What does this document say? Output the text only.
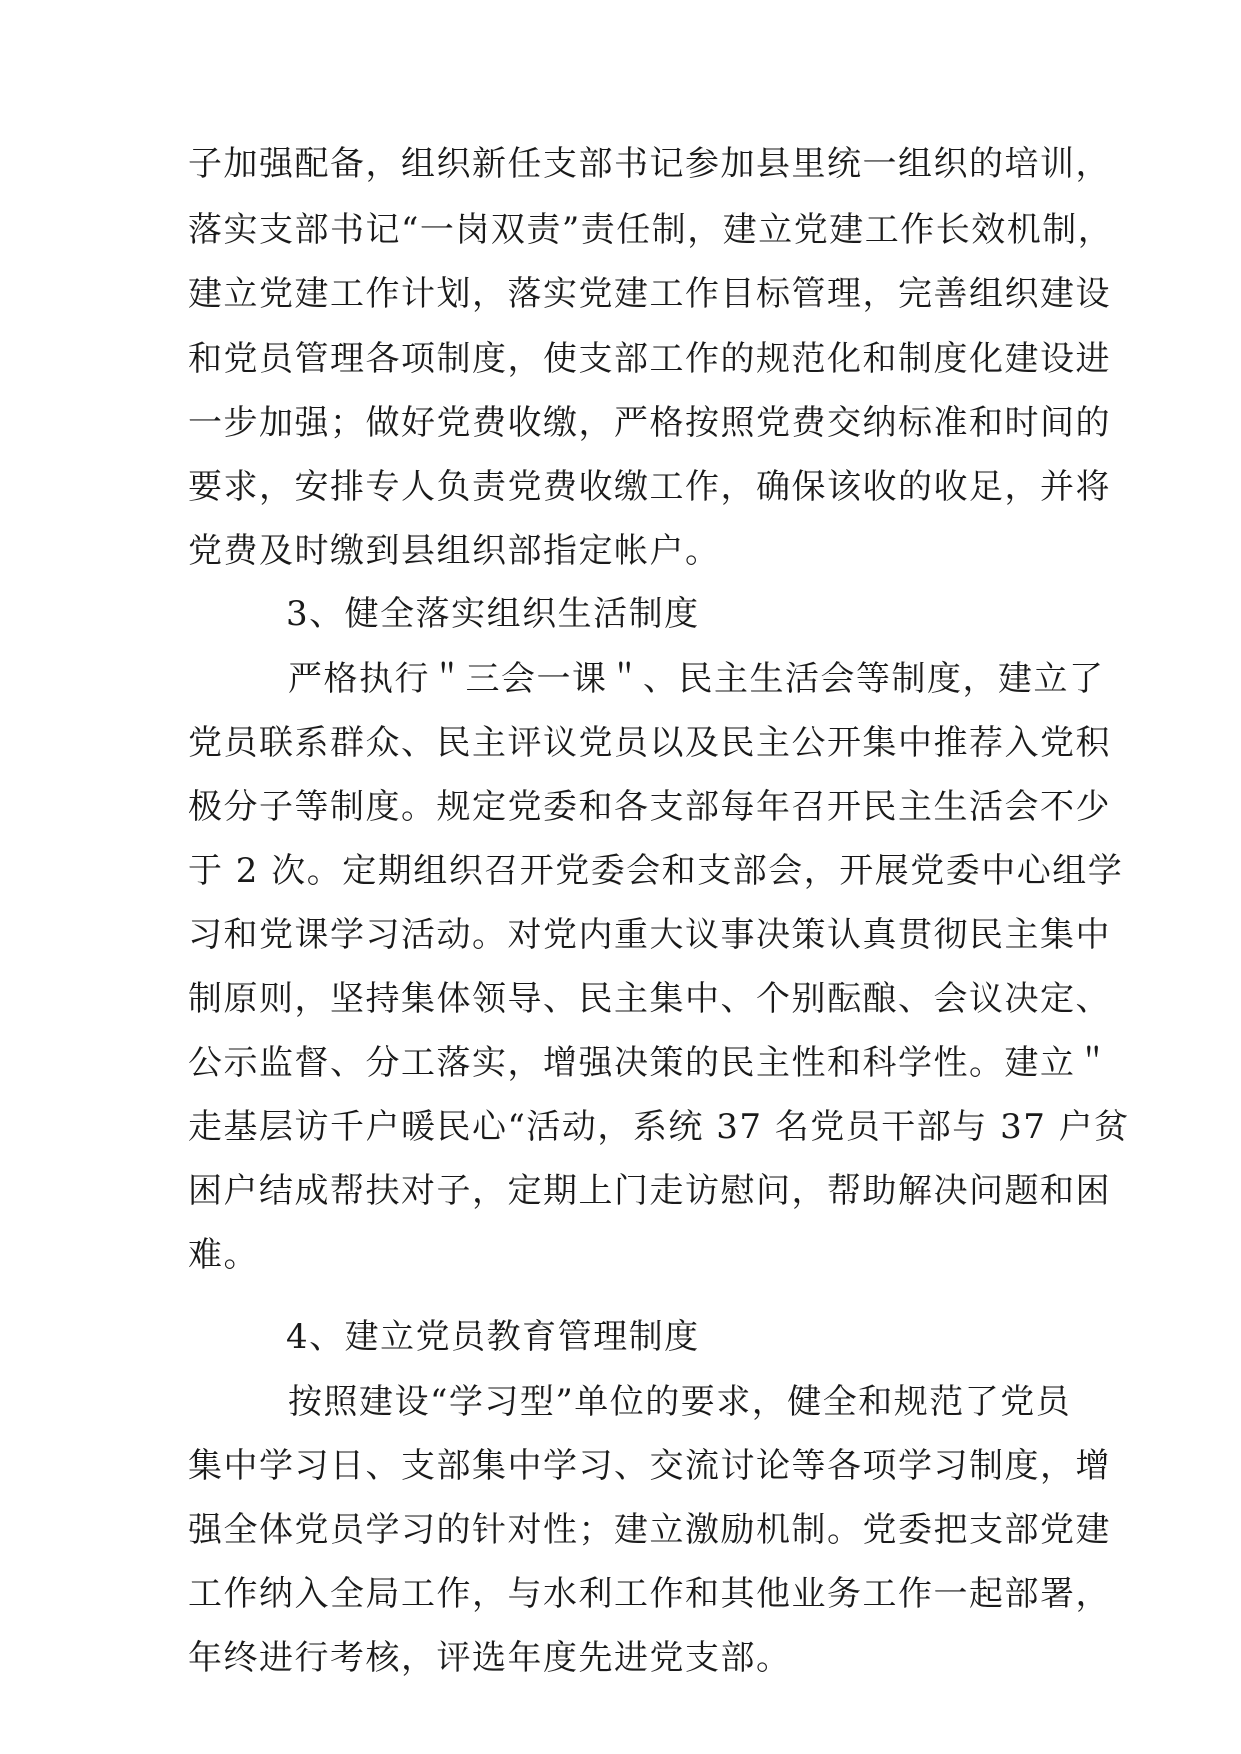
子加强配备，组织新任支部书记参加县里统一组织的培训，
落实支部书记“一岗双责”责任制，建立党建工作长效机制，
建立党建工作计划，落实党建工作目标管理，完善组织建设
和党员管理各项制度，使支部工作的规范化和制度化建设进
一步加强；做好党费收缴，严格按照党费交纳标准和时间的
要求，安排专人负责党费收缴工作，确保该收的收足，并将
党费及时缴到县组织部指定帐户。
3、健全落实组织生活制度
严格执行＂三会一课＂、民主生活会等制度，建立了
党员联系群众、民主评议党员以及民主公开集中推荐入党积
极分子等制度。规定党委和各支部每年召开民主生活会不少
于 2 次。定期组织召开党委会和支部会，开展党委中心组学
习和党课学习活动。对党内重大议事决策认真贯彻民主集中
制原则，坚持集体领导、民主集中、个别酝酿、会议决定、
公示监督、分工落实，增强决策的民主性和科学性。建立＂
走基层访千户暖民心“活动，系统 37 名党员干部与 37 户贫
困户结成帮扶对子，定期上门走访慰问，帮助解决问题和困
难。
4、建立党员教育管理制度
按照建设“学习型”单位的要求，健全和规范了党员
集中学习日、支部集中学习、交流讨论等各项学习制度，增
强全体党员学习的针对性；建立激励机制。党委把支部党建
工作纳入全局工作，与水利工作和其他业务工作一起部署，
年终进行考核，评选年度先进党支部。
